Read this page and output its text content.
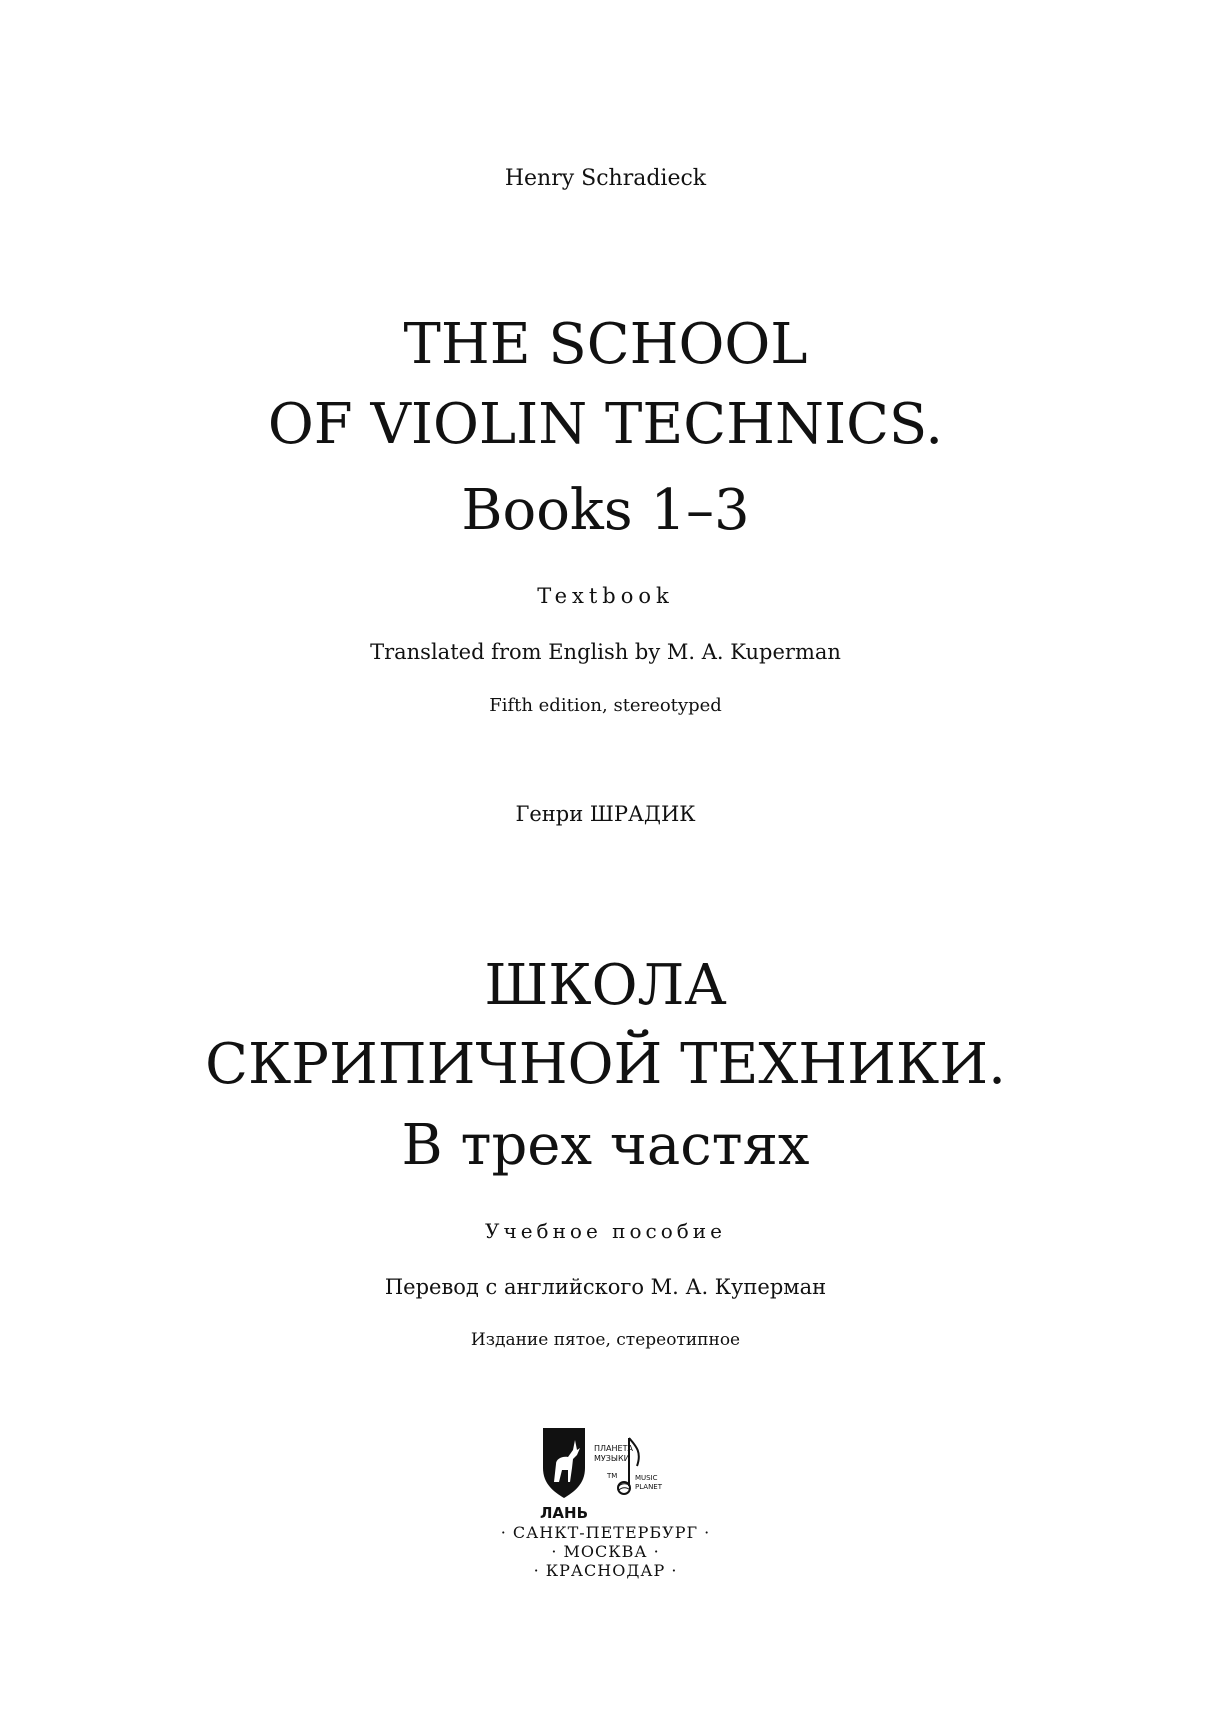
Henry Schradieck
THE SCHOOL
OF VIOLIN TECHNICS.
Books 1–3
Textbook
Translated from English by M. A. Kuperman
Fifth edition, stereotyped
Генри ШРАДИК
ШКОЛА
СКРИПИЧНОЙ ТЕХНИКИ.
В трех частях
Учебное пособие
Перевод с английского М. А. Куперман
Издание пятое, стереотипное
ЛАНЬ
ПЛАНЕТА
МУЗЫКИ
TM	MUSIC
PLANET
· САНКТ-ПЕТЕРБУРГ ·
· МОСКВА ·
· КРАСНОДАР ·
